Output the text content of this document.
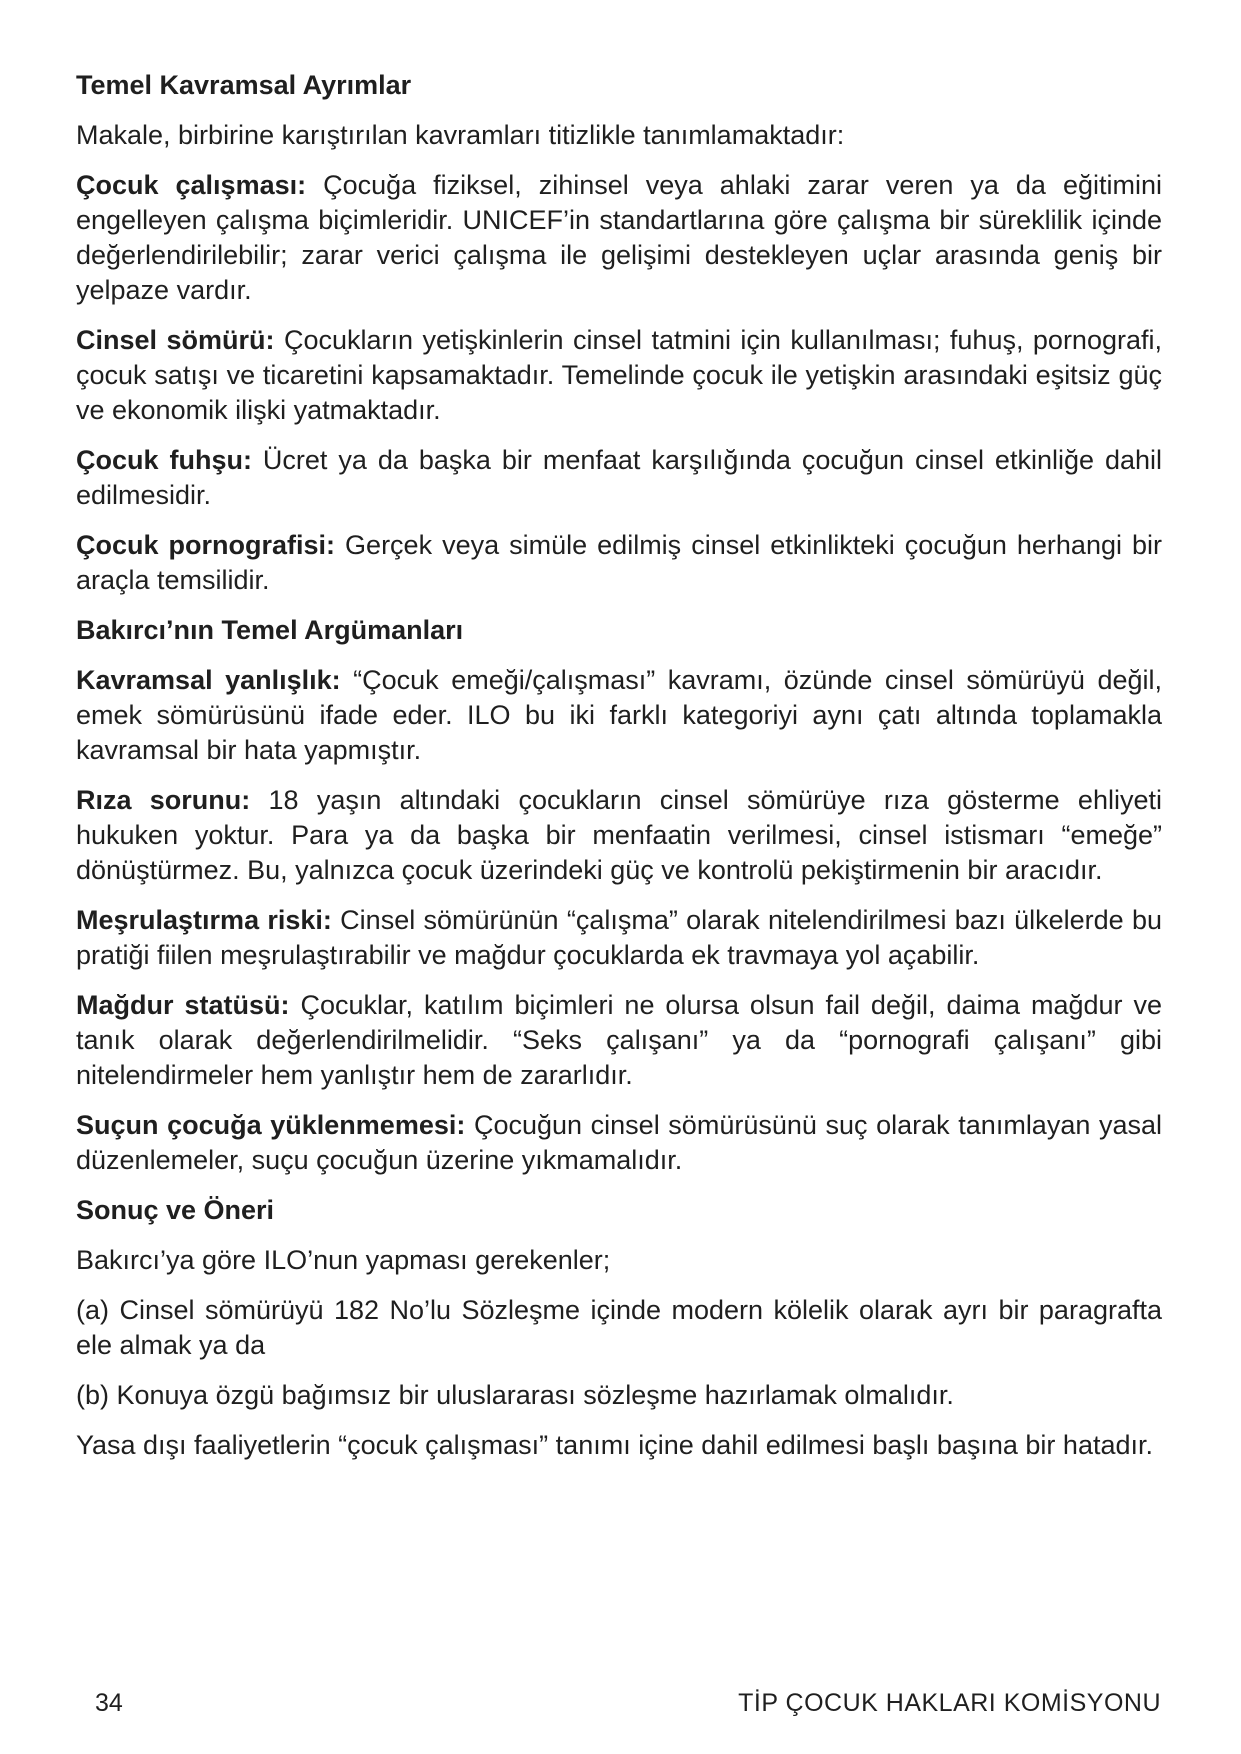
Temel Kavramsal Ayrımlar
Makale, birbirine karıştırılan kavramları titizlikle tanımlamaktadır:
Çocuk çalışması: Çocuğa fiziksel, zihinsel veya ahlaki zarar veren ya da eğitimini engelleyen çalışma biçimleridir. UNICEF’in standartlarına göre çalışma bir süreklilik içinde değerlendirilebilir; zarar verici çalışma ile gelişimi destekleyen uçlar arasında geniş bir yelpaze vardır.
Cinsel sömürü: Çocukların yetişkinlerin cinsel tatmini için kullanılması; fuhuş, pornografi, çocuk satışı ve ticaretini kapsamaktadır. Temelinde çocuk ile yetişkin arasındaki eşitsiz güç ve ekonomik ilişki yatmaktadır.
Çocuk fuhşu: Ücret ya da başka bir menfaat karşılığında çocuğun cinsel etkinliğe dahil edilmesidir.
Çocuk pornografisi: Gerçek veya simüle edilmiş cinsel etkinlikteki çocuğun herhangi bir araçla temsilidir.
Bakırcı’nın Temel Argümanları
Kavramsal yanlışlık: “Çocuk emeği/çalışması” kavramı, özünde cinsel sömürüyü değil, emek sömürüsünü ifade eder. ILO bu iki farklı kategoriyi aynı çatı altında toplamakla kavramsal bir hata yapmıştır.
Rıza sorunu: 18 yaşın altındaki çocukların cinsel sömürüye rıza gösterme ehliyeti hukuken yoktur. Para ya da başka bir menfaatin verilmesi, cinsel istismarı “emeğe” dönüştürmez. Bu, yalnızca çocuk üzerindeki güç ve kontrolü pekiştirmenin bir aracıdır.
Meşrulaştırma riski: Cinsel sömürünün “çalışma” olarak nitelendirilmesi bazı ülkelerde bu pratiği fiilen meşrulaştırabilir ve mağdur çocuklarda ek travmaya yol açabilir.
Mağdur statüsü: Çocuklar, katılım biçimleri ne olursa olsun fail değil, daima mağdur ve tanık olarak değerlendirilmelidir. “Seks çalışanı” ya da “pornografi çalışanı” gibi nitelendirmeler hem yanlıştır hem de zararlıdır.
Suçun çocuğa yüklenmemesi: Çocuğun cinsel sömürüsünü suç olarak tanımlayan yasal düzenlemeler, suçu çocuğun üzerine yıkmamalıdır.
Sonuç ve Öneri
Bakırcı’ya göre ILO’nun yapması gerekenler;
(a) Cinsel sömürüyü 182 No’lu Sözleşme içinde modern kölelik olarak ayrı bir paragrafta ele almak ya da
(b) Konuya özgü bağımsız bir uluslararası sözleşme hazırlamak olmalıdır.
Yasa dışı faaliyetlerin “çocuk çalışması” tanımı içine dahil edilmesi başlı başına bir hatadır.
34	TİP ÇOCUK HAKLARI KOMİSYONU
